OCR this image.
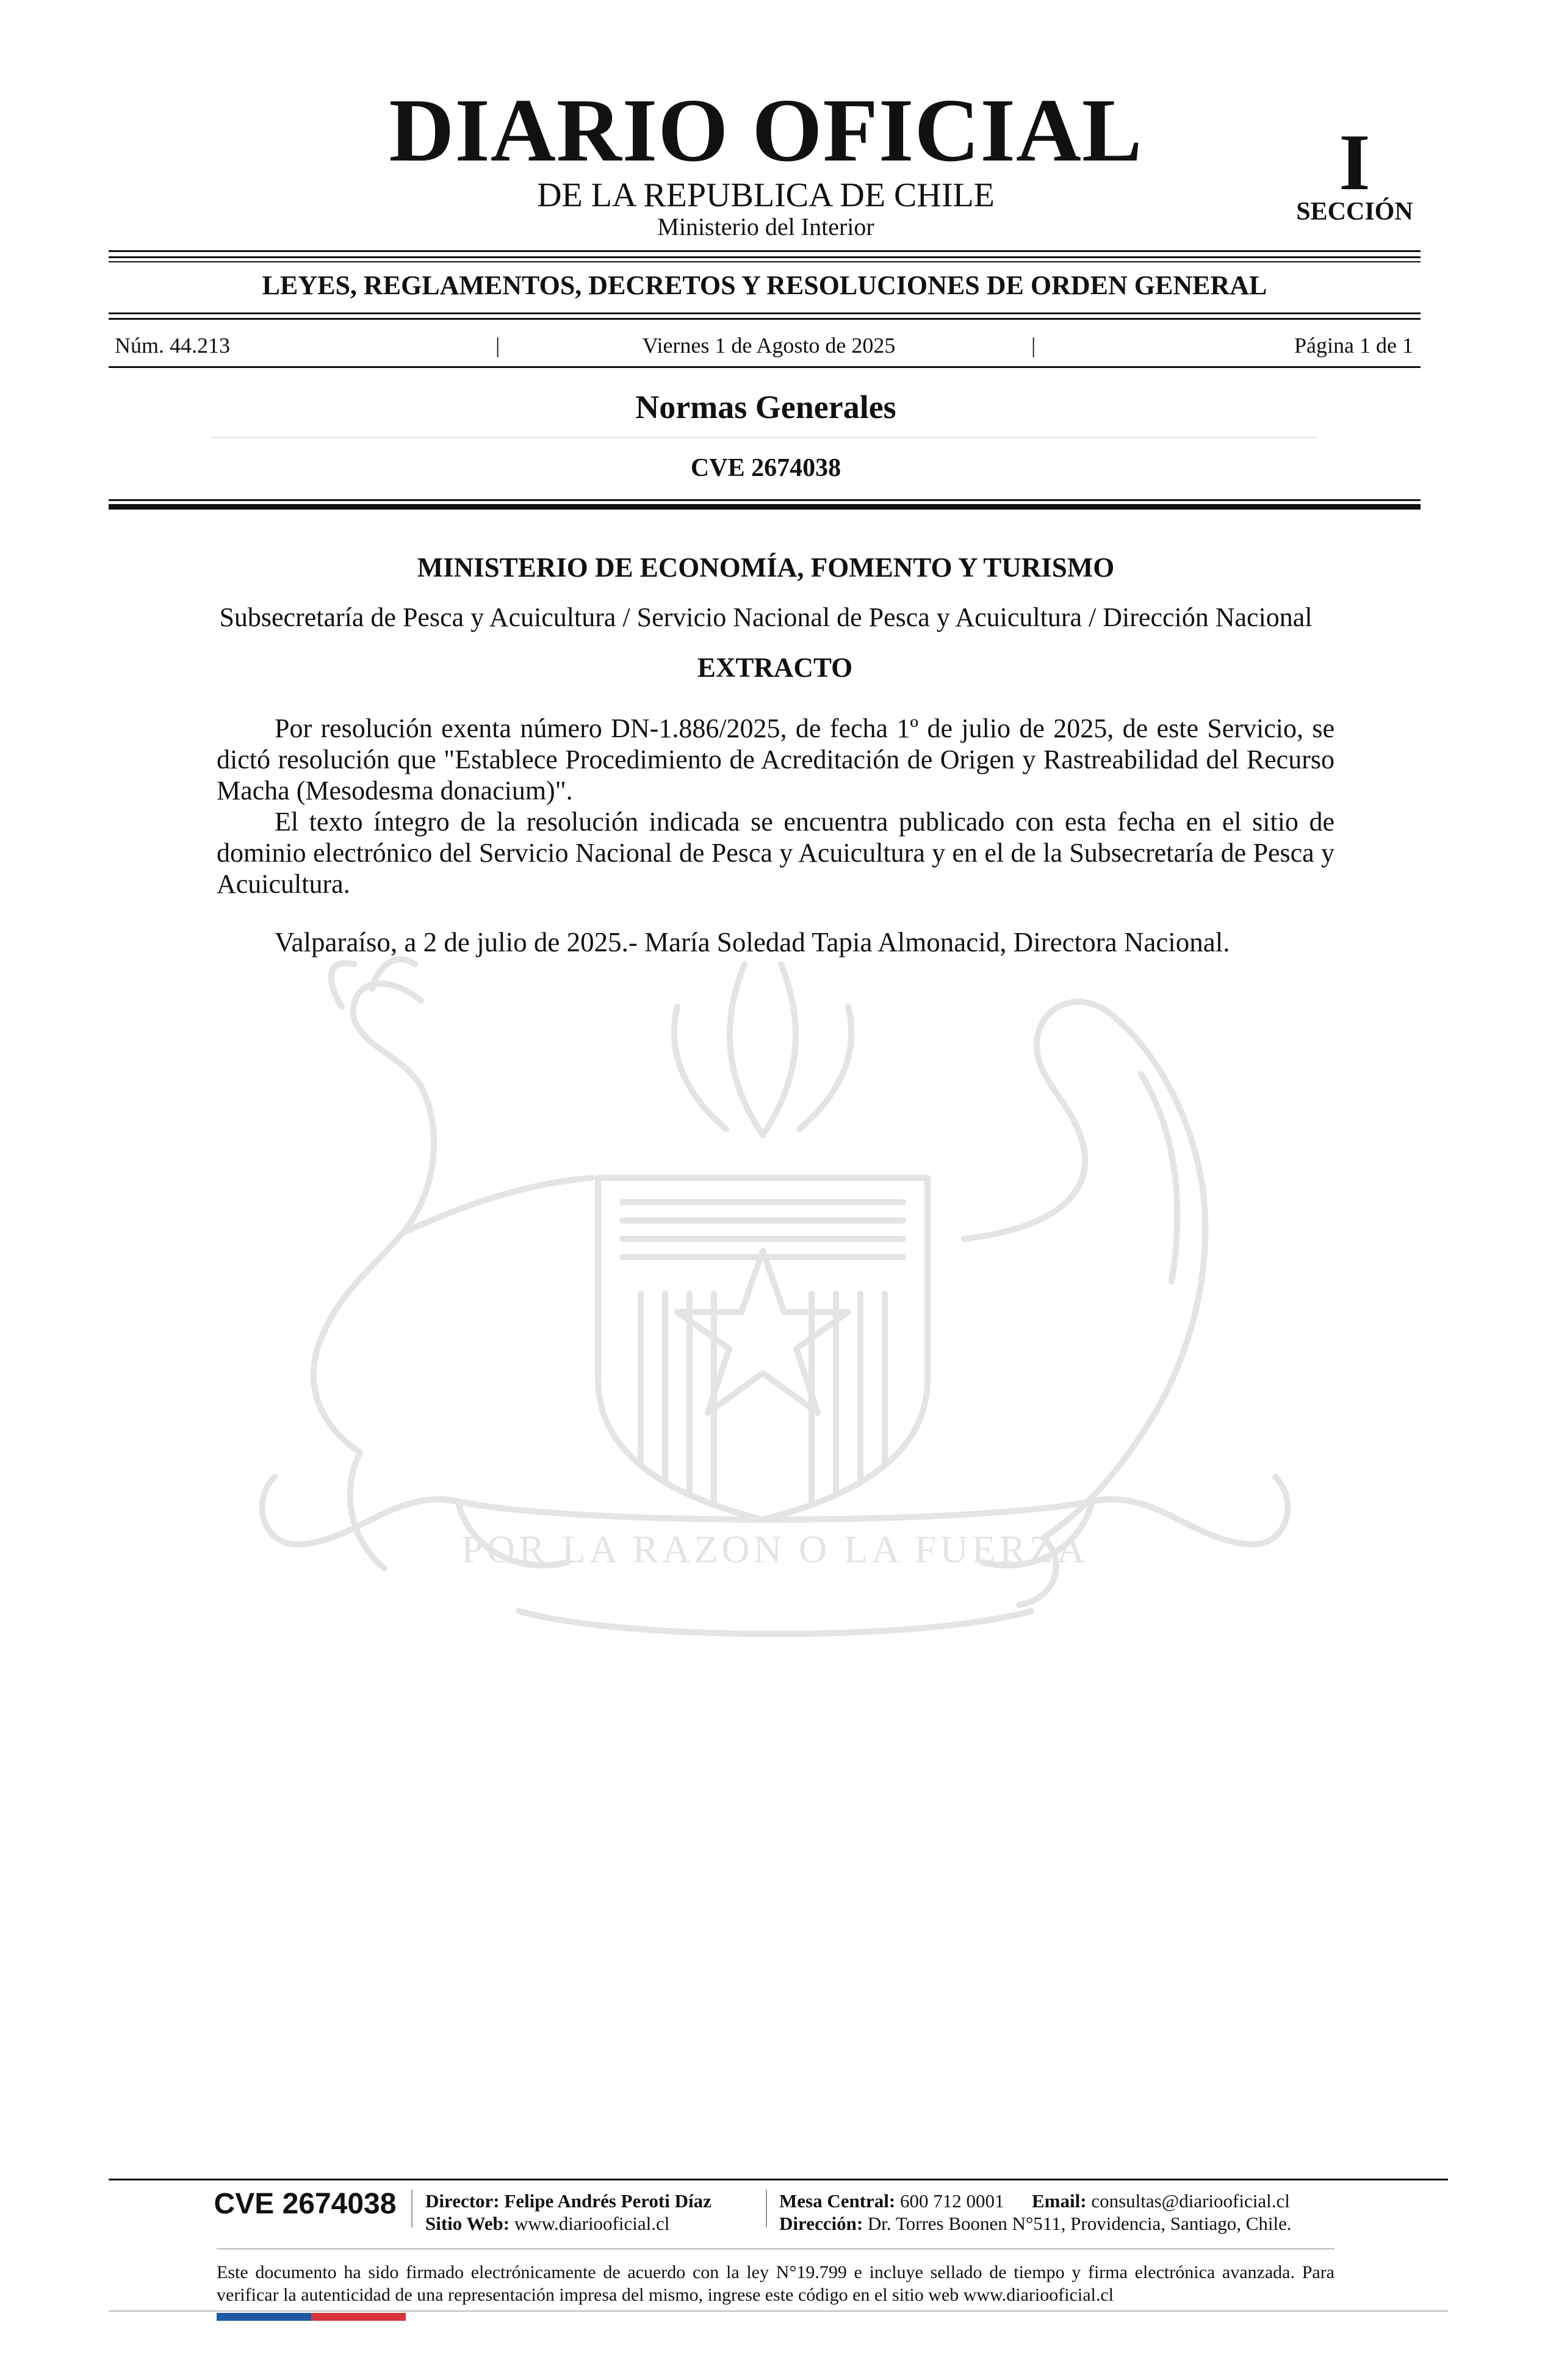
DIARIO OFICIAL
DE LA REPUBLICA DE CHILE
Ministerio del Interior
I
SECCIÓN
LEYES, REGLAMENTOS, DECRETOS Y RESOLUCIONES DE ORDEN GENERAL
Núm. 44.213	|	Viernes 1 de Agosto de 2025	|	Página 1 de 1
Normas Generales
CVE 2674038
POR LA RAZON O LA FUERZA
MINISTERIO DE ECONOMÍA, FOMENTO Y TURISMO
Subsecretaría de Pesca y Acuicultura / Servicio Nacional de Pesca y Acuicultura / Dirección Nacional
EXTRACTO

Por resolución exenta número DN-1.886/2025, de fecha 1º de julio de 2025, de este Servicio, se dictó resolución que "Establece Procedimiento de Acreditación de Origen y Rastreabilidad del Recurso Macha (Mesodesma donacium)".

El texto íntegro de la resolución indicada se encuentra publicado con esta fecha en el sitio de dominio electrónico del Servicio Nacional de Pesca y Acuicultura y en el de la Subsecretaría de Pesca y Acuicultura.

Valparaíso, a 2 de julio de 2025.- María Soledad Tapia Almonacid, Directora Nacional.
CVE 2674038	Director: Felipe Andrés Peroti Díaz
Sitio Web: www.diariooficial.cl
Mesa Central: 600 712 0001 Email: consultas@diariooficial.cl
Dirección: Dr. Torres Boonen N°511, Providencia, Santiago, Chile.
Este documento ha sido firmado electrónicamente de acuerdo con la ley N°19.799 e incluye sellado de tiempo y firma electrónica avanzada. Para verificar la autenticidad de una representación impresa del mismo, ingrese este código en el sitio web www.diariooficial.cl
